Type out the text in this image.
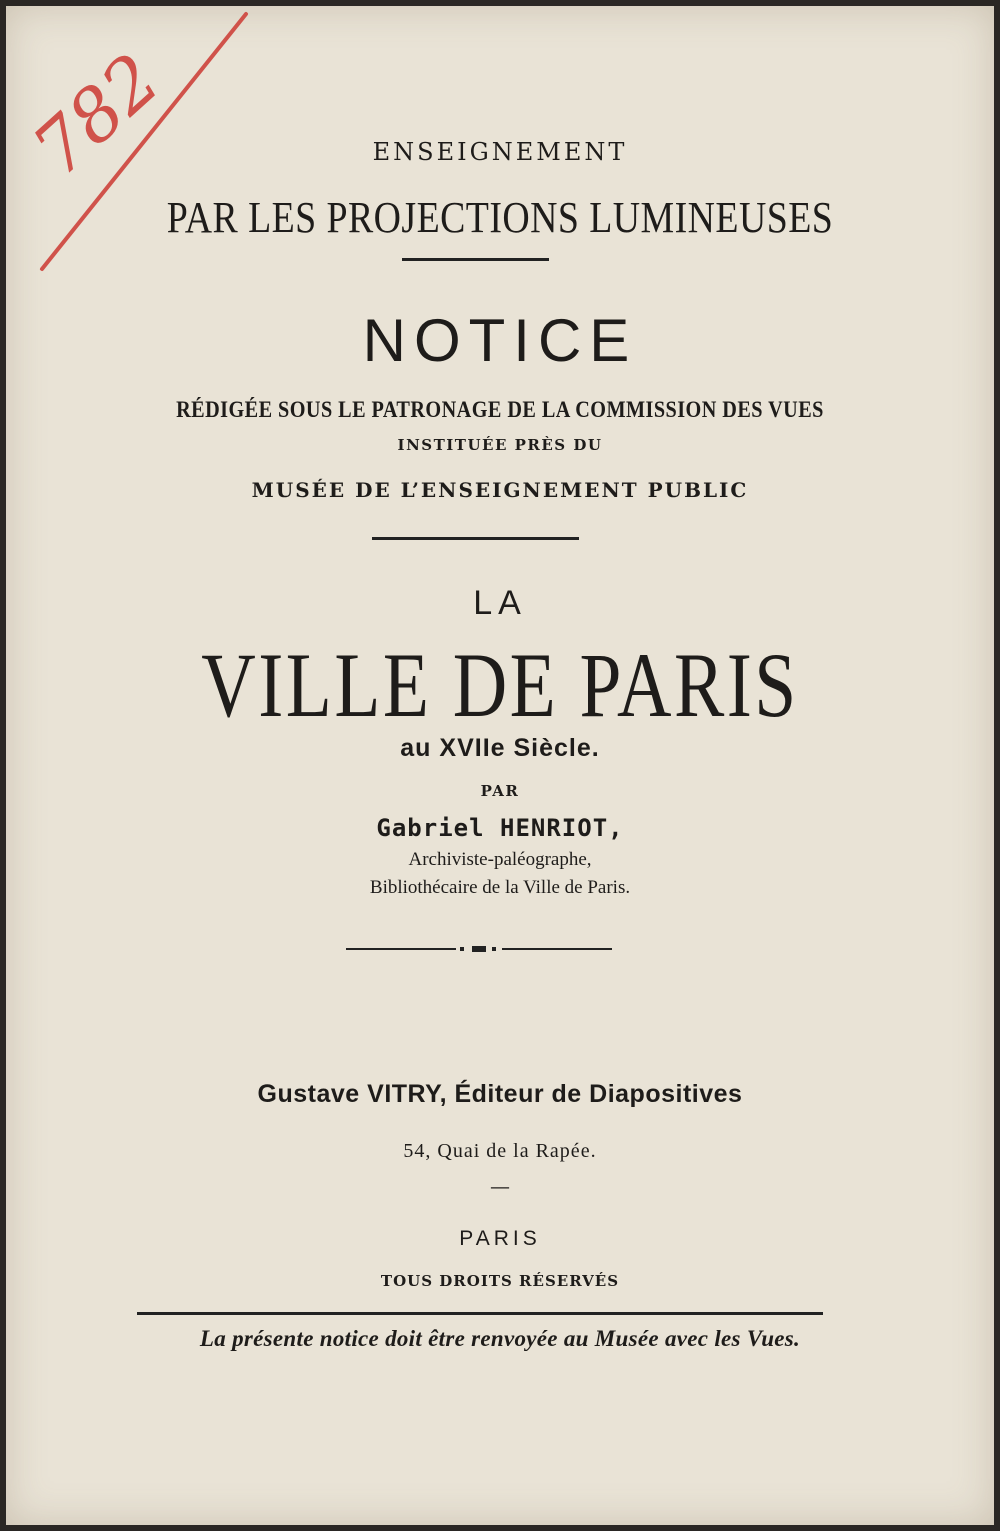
782	ENSEIGNEMENT
PAR LES PROJECTIONS LUMINEUSES
NOTICE
RÉDIGÉE SOUS LE PATRONAGE DE LA COMMISSION DES VUES
INSTITUÉE PRÈS DU
MUSÉE DE L’ENSEIGNEMENT PUBLIC
LA
VILLE DE PARIS
au XVIIe Siècle.
PAR
Gabriel HENRIOT,
Archiviste-paléographe,
Bibliothécaire de la Ville de Paris.
Gustave VITRY, Éditeur de Diapositives
54, Quai de la Rapée.
—
PARIS
TOUS DROITS RÉSERVÉS
La présente notice doit être renvoyée au Musée avec les Vues.
